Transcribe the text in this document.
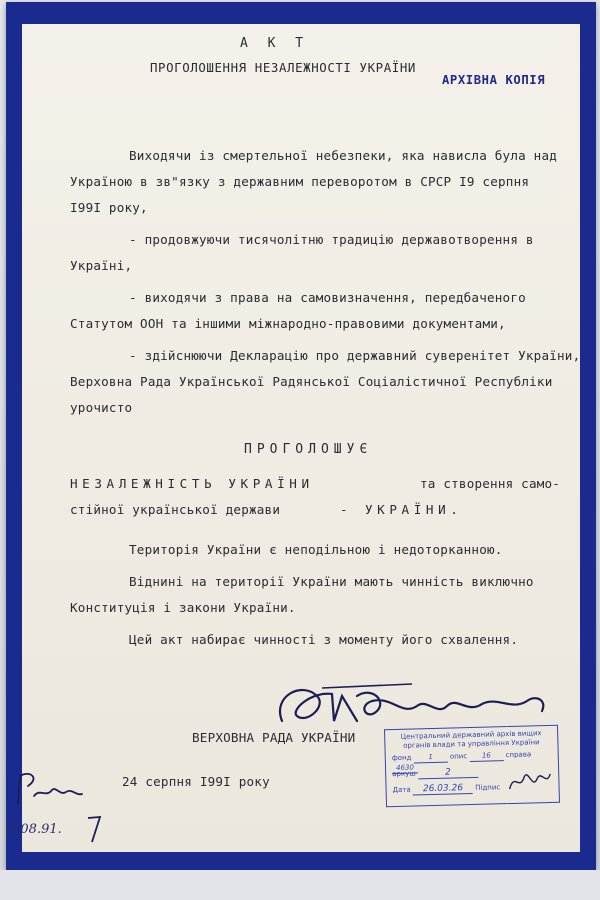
А К Т
ПРОГОЛОШЕННЯ НЕЗАЛЕЖНОСТІ УКРАЇНИ
АРХІВНА КОПІЯ
Виходячи із смертельної небезпеки, яка нависла була над
Україною в зв"язку з державним переворотом в СРСР І9 серпня
І99І року,
- продовжуючи тисячолітню традицію державотворення в
Україні,
- виходячи з права на самовизначення, передбаченого
Статутом ООН та іншими міжнародно-правовими документами,
- здійснюючи Декларацію про державний суверенітет України,
Верховна Рада Української Радянської Соціалістичної Республіки
урочисто
ПРОГОЛОШУЄ
НЕЗАЛЕЖНІСТЬ УКРАЇНИ	та створення само-
стійної української держави	- УКРАЇНИ.
Територія України є неподільною і недоторканною.
Віднині на території України мають чинність виключно
Конституція і закони України.
Цей акт набирає чинності з моменту його схвалення.
ВЕРХОВНА РАДА УКРАЇНИ
24 серпня І99І року
Центральний державний архів вищих
органів влади та управління України
фонд 1 опис 16 справа 4630
аркуш	2
Дата 26.03.26 Підпис
5.08.91.
